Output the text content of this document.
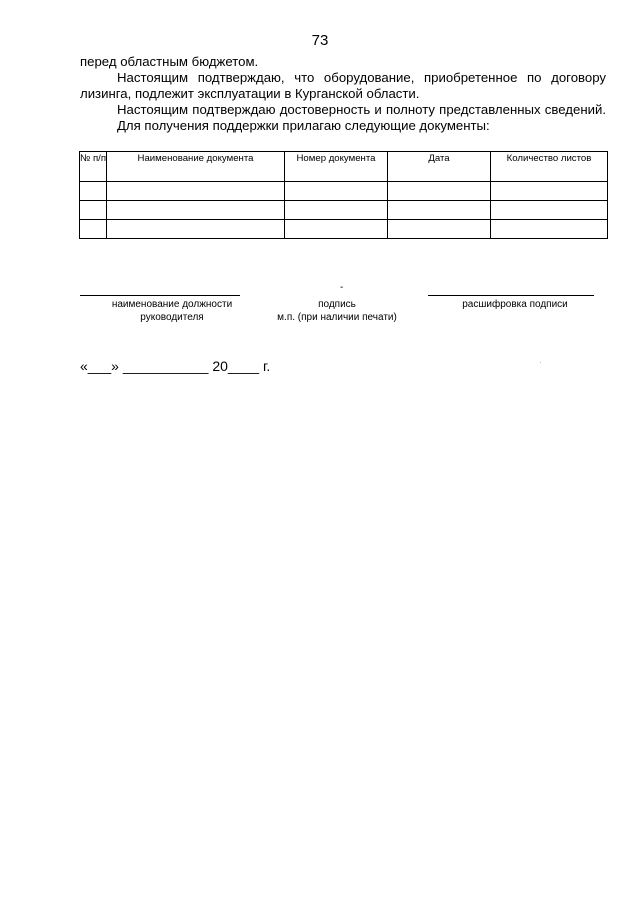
73

перед областным бюджетом.

Настоящим подтверждаю, что оборудование, приобретенное по договору лизинга, подлежит эксплуатации в Курганской области.

Настоящим подтверждаю достоверность и полноту представленных сведений.

Для получения поддержки прилагаю следующие документы:

№ п/п	Наименование документа	Номер документа	Дата	Количество листов

-
наименование должности
руководителя
подпись
м.п. (при наличии печати)
расшифровка подписи
«___» ___________ 20____ г.
